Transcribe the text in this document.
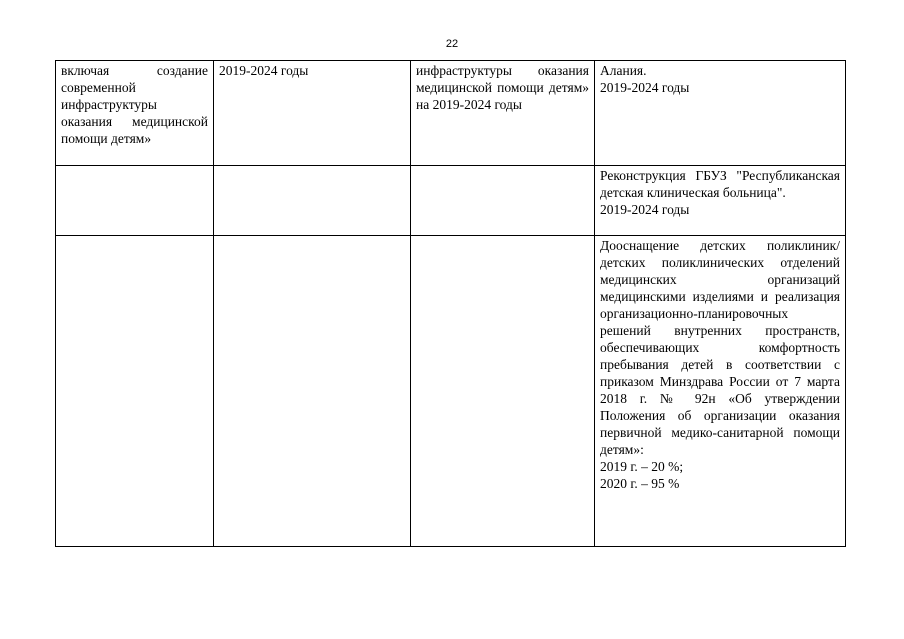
22

включая создание современной инфраструктуры оказания медицинской помощи детям»	2019-2024 годы	инфраструктуры оказания медицинской помощи детям» на 2019-2024 годы	Алания.
2019-2024 годы

			Реконструкция ГБУЗ "Республиканская детская клиническая больница".

2019-2024 годы

			Дооснащение детских поликлиник/детских поликлинических отделений медицинских организаций медицинскими изделиями и реализация организационно-планировочных решений внутренних пространств, обеспечивающих комфортность пребывания детей в соответствии с приказом Минздрава России от 7 марта 2018 г. № 92н «Об утверждении Положения об организации оказания первичной медико-санитарной помощи детям»:

2019 г. – 20 %;
2020 г. – 95 %
